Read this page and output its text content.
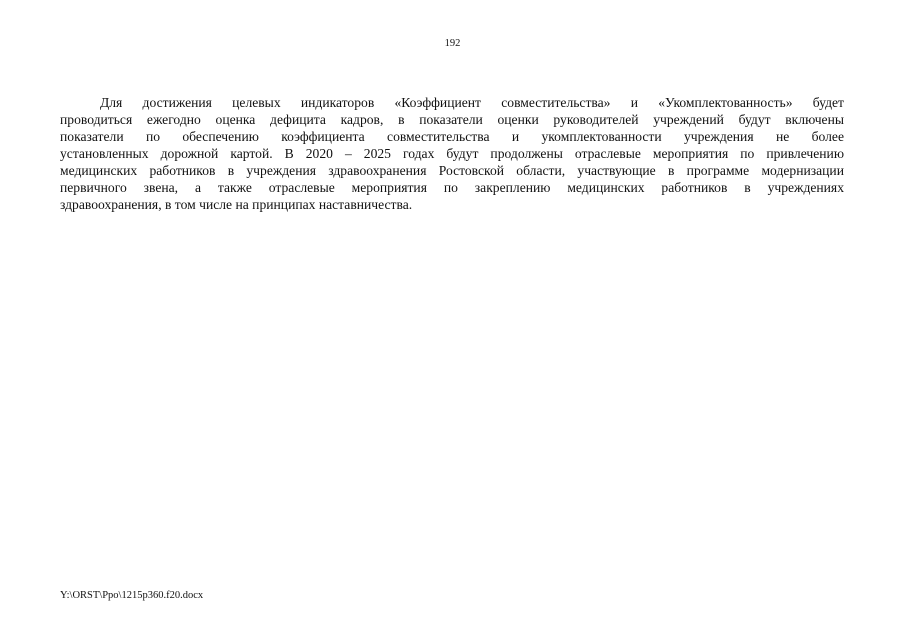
192
Для достижения целевых индикаторов «Коэффициент совместительства» и «Укомплектованность» будет
проводиться ежегодно оценка дефицита кадров, в показатели оценки руководителей учреждений будут включены
показатели по обеспечению коэффициента совместительства и укомплектованности учреждения не более
установленных дорожной картой. В 2020 – 2025 годах будут продолжены отраслевые мероприятия по привлечению
медицинских работников в учреждения здравоохранения Ростовской области, участвующие в программе модернизации
первичного звена, а также отраслевые мероприятия по закреплению медицинских работников в учреждениях
здравоохранения, в том числе на принципах наставничества.
Y:\ORST\Ppo\1215p360.f20.docx
